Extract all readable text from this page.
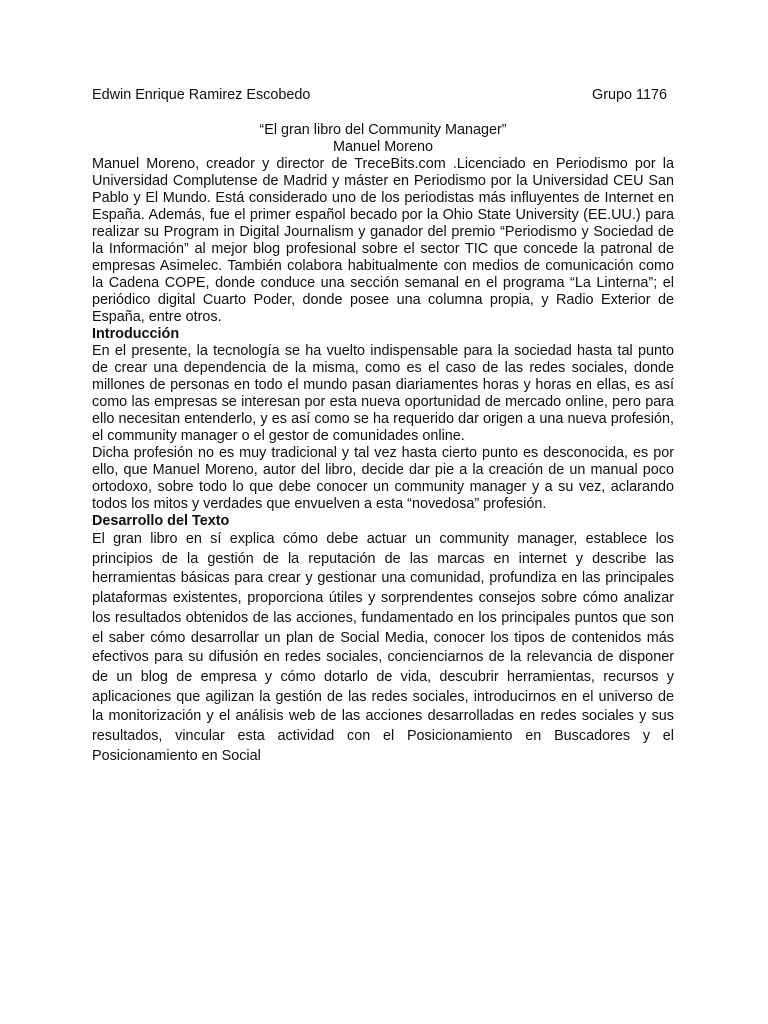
Edwin Enrique Ramirez Escobedo	Grupo 1176
“El gran libro del Community Manager”
Manuel Moreno

Manuel Moreno, creador y director de TreceBits.com .Licenciado en Periodismo por la Universidad Complutense de Madrid y máster en Periodismo por la Universidad CEU San Pablo y El Mundo. Está considerado uno de los periodistas más influyentes de Internet en España. Además, fue el primer español becado por la Ohio State University (EE.UU.) para realizar su Program in Digital Journalism y ganador del premio “Periodismo y Sociedad de la Información” al mejor blog profesional sobre el sector TIC que concede la patronal de empresas Asimelec. También colabora habitualmente con medios de comunicación como la Cadena COPE, donde conduce una sección semanal en el programa “La Linterna”; el periódico digital Cuarto Poder, donde posee una columna propia, y Radio Exterior de España, entre otros.

Introducción

En el presente, la tecnología se ha vuelto indispensable para la sociedad hasta tal punto de crear una dependencia de la misma, como es el caso de las redes sociales, donde millones de personas en todo el mundo pasan diariamentes horas y horas en ellas, es así como las empresas se interesan por esta nueva oportunidad de mercado online, pero para ello necesitan entenderlo, y es así como se ha requerido dar origen a una nueva profesión, el community manager o el gestor de comunidades online.

Dicha profesión no es muy tradicional y tal vez hasta cierto punto es desconocida, es por ello, que Manuel Moreno, autor del libro, decide dar pie a la creación de un manual poco ortodoxo, sobre todo lo que debe conocer un community manager y a su vez, aclarando todos los mitos y verdades que envuelven a esta “novedosa” profesión.

Desarrollo del Texto

El gran libro en sí explica cómo debe actuar un community manager, establece los principios de la gestión de la reputación de las marcas en internet y describe las herramientas básicas para crear y gestionar una comunidad, profundiza en las principales plataformas existentes, proporciona útiles y sorprendentes consejos sobre cómo analizar los resultados obtenidos de las acciones, fundamentado en los principales puntos que son el saber cómo desarrollar un plan de Social Media, conocer los tipos de contenidos más efectivos para su difusión en redes sociales, concienciarnos de la relevancia de disponer de un blog de empresa y cómo dotarlo de vida, descubrir herramientas, recursos y aplicaciones que agilizan la gestión de las redes sociales, introducirnos en el universo de la monitorización y el análisis web de las acciones desarrolladas en redes sociales y sus resultados, vincular esta actividad con el Posicionamiento en Buscadores y el Posicionamiento en Social
